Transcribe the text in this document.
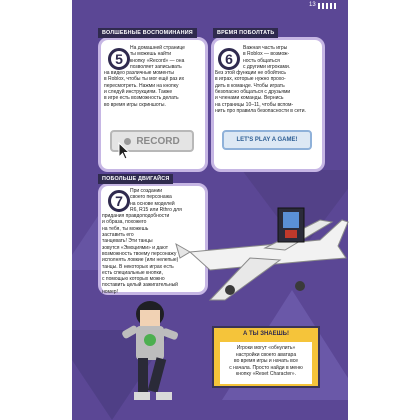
13
ВОЛШЕБНЫЕ ВОСПОМИНАНИЯ
5
На домашней странице
ты можешь найти
кнопку «Record» — она
позволяет записывать
на видео различные моменты
в Roblox, чтобы ты мог ещё раз их
пересмотреть. Нажми на кнопку
и следуй инструкциям. Также
в игре есть возможность делать
во время игры скриншоты.
RECORD
ВРЕМЯ ПОБОЛТАТЬ
6
Важная часть игры
в Roblox — возмож-
ность общаться
с другими игроками.
Без этой функции не обойтись
в играх, которые нужно прохо-
дить в команде. Чтобы играть
безопасно общаться с друзьями
и членами команды. Вернись
на страницы 10–11, чтобы вспом-
нить про правила безопасности в сети.
LET'S PLAY A GAME!
ПОБОЛЬШЕ ДВИГАЙСЯ
7
При создании
своего персонажа
на основе моделей
R6, R15 или Rthro для
придания правдоподобности
и образа, похожего
на тебя, ты можешь
заставить его
танцевать! Эти танцы
зовутся «Эмоциями» и дают
возможность твоему персонажу
исполнять ловкие (или нелепые)
танцы. В некоторых играх есть
есть специальные кнопки,
с помощью которых можно
поставить целый зажигательный
номер!
А ТЫ ЗНАЕШЬ!
Игроки могут «обнулить»
настройки своего аватара
во время игры и начать все
с начала. Просто найди в меню
кнопку «Reset Character».
